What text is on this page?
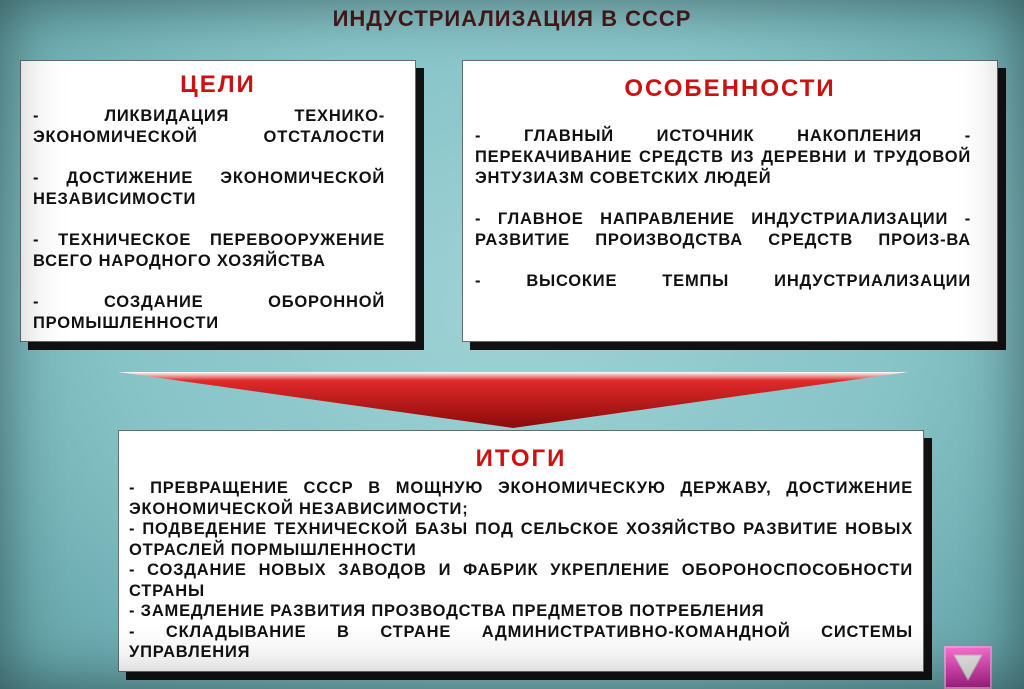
ИНДУСТРИАЛИЗАЦИЯ В СССР
ЦЕЛИ
- ЛИКВИДАЦИЯ ТЕХНИКО-ЭКОНОМИЧЕСКОЙ ОТСТАЛОСТИ
- ДОСТИЖЕНИЕ ЭКОНОМИЧЕСКОЙ НЕЗАВИСИМОСТИ
- ТЕХНИЧЕСКОЕ ПЕРЕВООРУЖЕНИЕ ВСЕГО НАРОДНОГО ХОЗЯЙСТВА
- СОЗДАНИЕ ОБОРОННОЙ ПРОМЫШЛЕННОСТИ
ОСОБЕННОСТИ
- ГЛАВНЫЙ ИСТОЧНИК НАКОПЛЕНИЯ - ПЕРЕКАЧИВАНИЕ СРЕДСТВ ИЗ ДЕРЕВНИ И ТРУДОВОЙ ЭНТУЗИАЗМ СОВЕТСКИХ ЛЮДЕЙ
- ГЛАВНОЕ НАПРАВЛЕНИЕ ИНДУСТРИАЛИЗАЦИИ - РАЗВИТИЕ ПРОИЗВОДСТВА СРЕДСТВ ПРОИЗ-ВА
- ВЫСОКИЕ ТЕМПЫ ИНДУСТРИАЛИЗАЦИИ
ИТОГИ
- ПРЕВРАЩЕНИЕ СССР В МОЩНУЮ ЭКОНОМИЧЕСКУЮ ДЕРЖАВУ, ДОСТИЖЕНИЕ ЭКОНОМИЧЕСКОЙ НЕЗАВИСИМОСТИ;
- ПОДВЕДЕНИЕ ТЕХНИЧЕСКОЙ БАЗЫ ПОД СЕЛЬСКОЕ ХОЗЯЙСТВО РАЗВИТИЕ НОВЫХ ОТРАСЛЕЙ ПОРМЫШЛЕННОСТИ
- СОЗДАНИЕ НОВЫХ ЗАВОДОВ И ФАБРИК УКРЕПЛЕНИЕ ОБОРОНОСПОСОБНОСТИ СТРАНЫ
- ЗАМЕДЛЕНИЕ РАЗВИТИЯ ПРОЗВОДСТВА ПРЕДМЕТОВ ПОТРЕБЛЕНИЯ
- СКЛАДЫВАНИЕ В СТРАНЕ АДМИНИСТРАТИВНО-КОМАНДНОЙ СИСТЕМЫ УПРАВЛЕНИЯ
